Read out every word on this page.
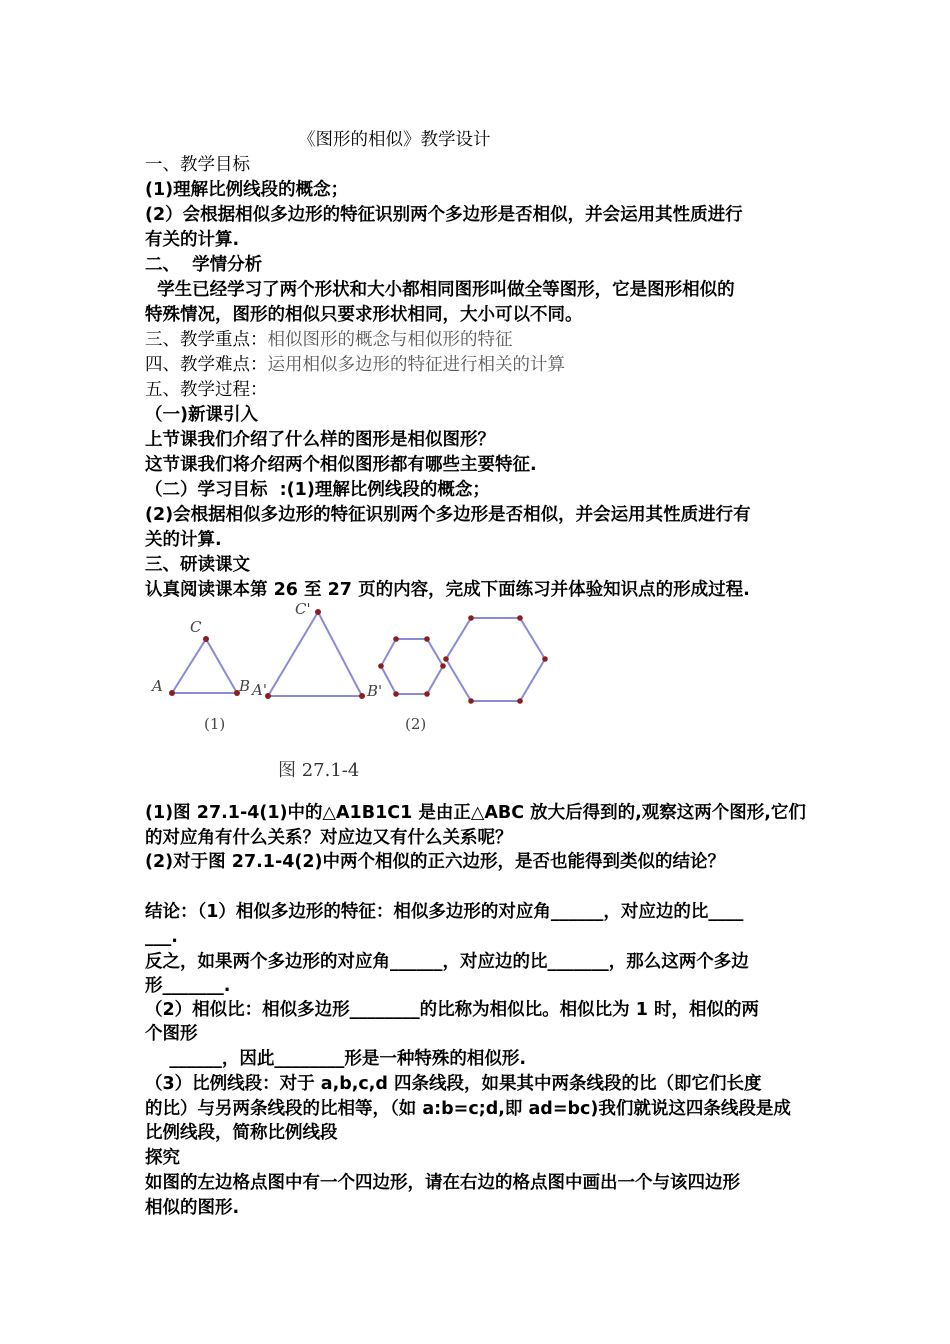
《图形的相似》教学设计
一、教学目标
(1)理解比例线段的概念；
(2）会根据相似多边形的特征识别两个多边形是否相似，并会运用其性质进行
有关的计算.
二、  学情分析
学生已经学习了两个形状和大小都相同图形叫做全等图形，它是图形相似的
特殊情况，图形的相似只要求形状相同，大小可以不同。
三、教学重点：相似图形的概念与相似形的特征
四、教学难点：运用相似多边形的特征进行相关的计算
五、教学过程：
（一)新课引入
上节课我们介绍了什么样的图形是相似图形？
这节课我们将介绍两个相似图形都有哪些主要特征.
（二）学习目标  :(1)理解比例线段的概念；
(2)会根据相似多边形的特征识别两个多边形是否相似，并会运用其性质进行有
关的计算.
三、研读课文
认真阅读课本第 26 至 27 页的内容，完成下面练习并体验知识点的形成过程.
A
C
B A'
C'
B'
(1)	(2)
图 27.1-4
(1)图 27.1-4(1)中的△A1B1C1 是由正△ABC 放大后得到的,观察这两个图形,它们
的对应角有什么关系？对应边又有什么关系呢？
(2)对于图 27.1-4(2)中两个相似的正六边形，是否也能得到类似的结论？
结论：（1）相似多边形的特征：相似多边形的对应角______，对应边的比____
___.
反之，如果两个多边形的对应角______，对应边的比_______，那么这两个多边
形_______.
（2）相似比：相似多边形________的比称为相似比。相似比为 1 时，相似的两
个图形
______，因此________形是一种特殊的相似形.
（3）比例线段：对于 a,b,c,d 四条线段，如果其中两条线段的比（即它们长度
的比）与另两条线段的比相等，（如 a:b=c;d,即 ad=bc)我们就说这四条线段是成
比例线段，简称比例线段
探究
如图的左边格点图中有一个四边形，请在右边的格点图中画出一个与该四边形
相似的图形.
